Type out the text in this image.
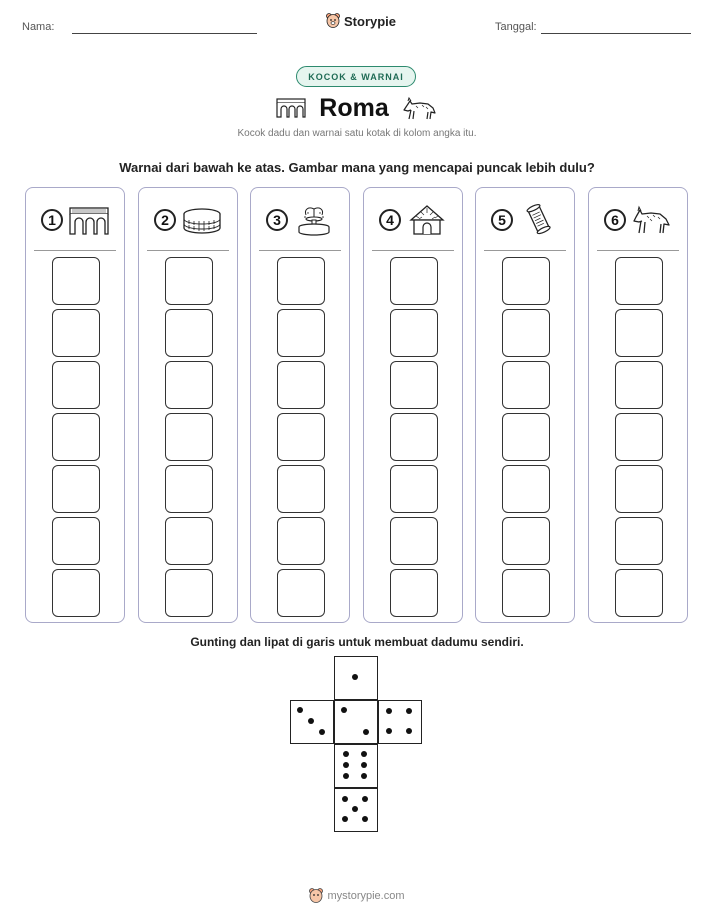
Nama:	Storypie	Tanggal:
KOCOK & WARNAI
Roma
Kocok dadu dan warnai satu kotak di kolom angka itu.
Warnai dari bawah ke atas. Gambar mana yang mencapai puncak lebih dulu?
1	2	3	4	5	6
Gunting dan lipat di garis untuk membuat dadumu sendiri.
mystorypie.com
